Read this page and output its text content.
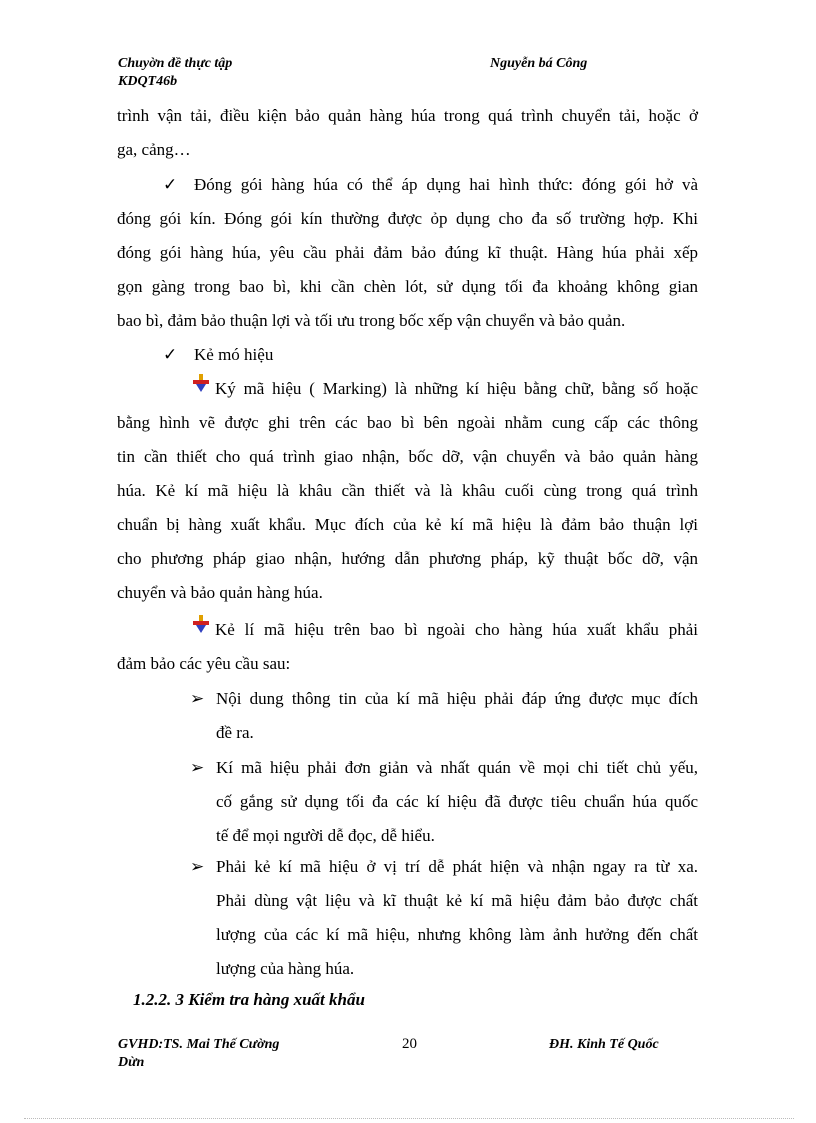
Chuyờn đề thực tập
KDQT46b
Nguyễn bá Công
trình vận tải, điều kiện bảo quản hàng húa trong quá trình chuyển tải, hoặc ở
ga, cảng…
✓ Đóng gói hàng húa có thể áp dụng hai hình thức: đóng gói hở và
đóng gói kín. Đóng gói kín thường được ỏp dụng cho đa số trường hợp. Khi
đóng gói hàng húa, yêu cầu phải đảm bảo đúng kĩ thuật. Hàng húa phải xếp
gọn gàng trong bao bì, khi cần chèn lót, sử dụng tối đa khoảng không gian
bao bì, đảm bảo thuận lợi và tối ưu trong bốc xếp vận chuyển và bảo quản.
✓ Kẻ mó hiệu
Ký mã hiệu ( Marking) là những kí hiệu bằng chữ, bằng số hoặc
bằng hình vẽ được ghi trên các bao bì bên ngoài nhằm cung cấp các thông
tin cần thiết cho quá trình giao nhận, bốc dỡ, vận chuyển và bảo quản hàng
húa. Kẻ kí mã hiệu là khâu cần thiết và là khâu cuối cùng trong quá trình
chuẩn bị hàng xuất khẩu. Mục đích của kẻ kí mã hiệu là đảm bảo thuận lợi
cho phương pháp giao nhận, hướng dẫn phương pháp, kỹ thuật bốc dỡ, vận
chuyển và bảo quản hàng húa.
Kẻ lí mã hiệu trên bao bì ngoài cho hàng húa xuất khẩu phải
đảm bảo các yêu cầu sau:
➢ Nội dung thông tin của kí mã hiệu phải đáp ứng được mục đích
đề ra.
➢ Kí mã hiệu phải đơn giản và nhất quán về mọi chi tiết chủ yếu,
cố gắng sử dụng tối đa các kí hiệu đã được tiêu chuẩn húa quốc
tế để mọi người dễ đọc, dễ hiểu.
➢ Phải kẻ kí mã hiệu ở vị trí dễ phát hiện và nhận ngay ra từ xa.
Phải dùng vật liệu và kĩ thuật kẻ kí mã hiệu đảm bảo được chất
lượng của các kí mã hiệu, nhưng không làm ảnh hưởng đến chất
lượng của hàng húa.
1.2.2. 3 Kiểm tra hàng xuất khẩu
GVHD:TS. Mai Thế Cường
Dừn
20	ĐH. Kinh Tế Quốc
